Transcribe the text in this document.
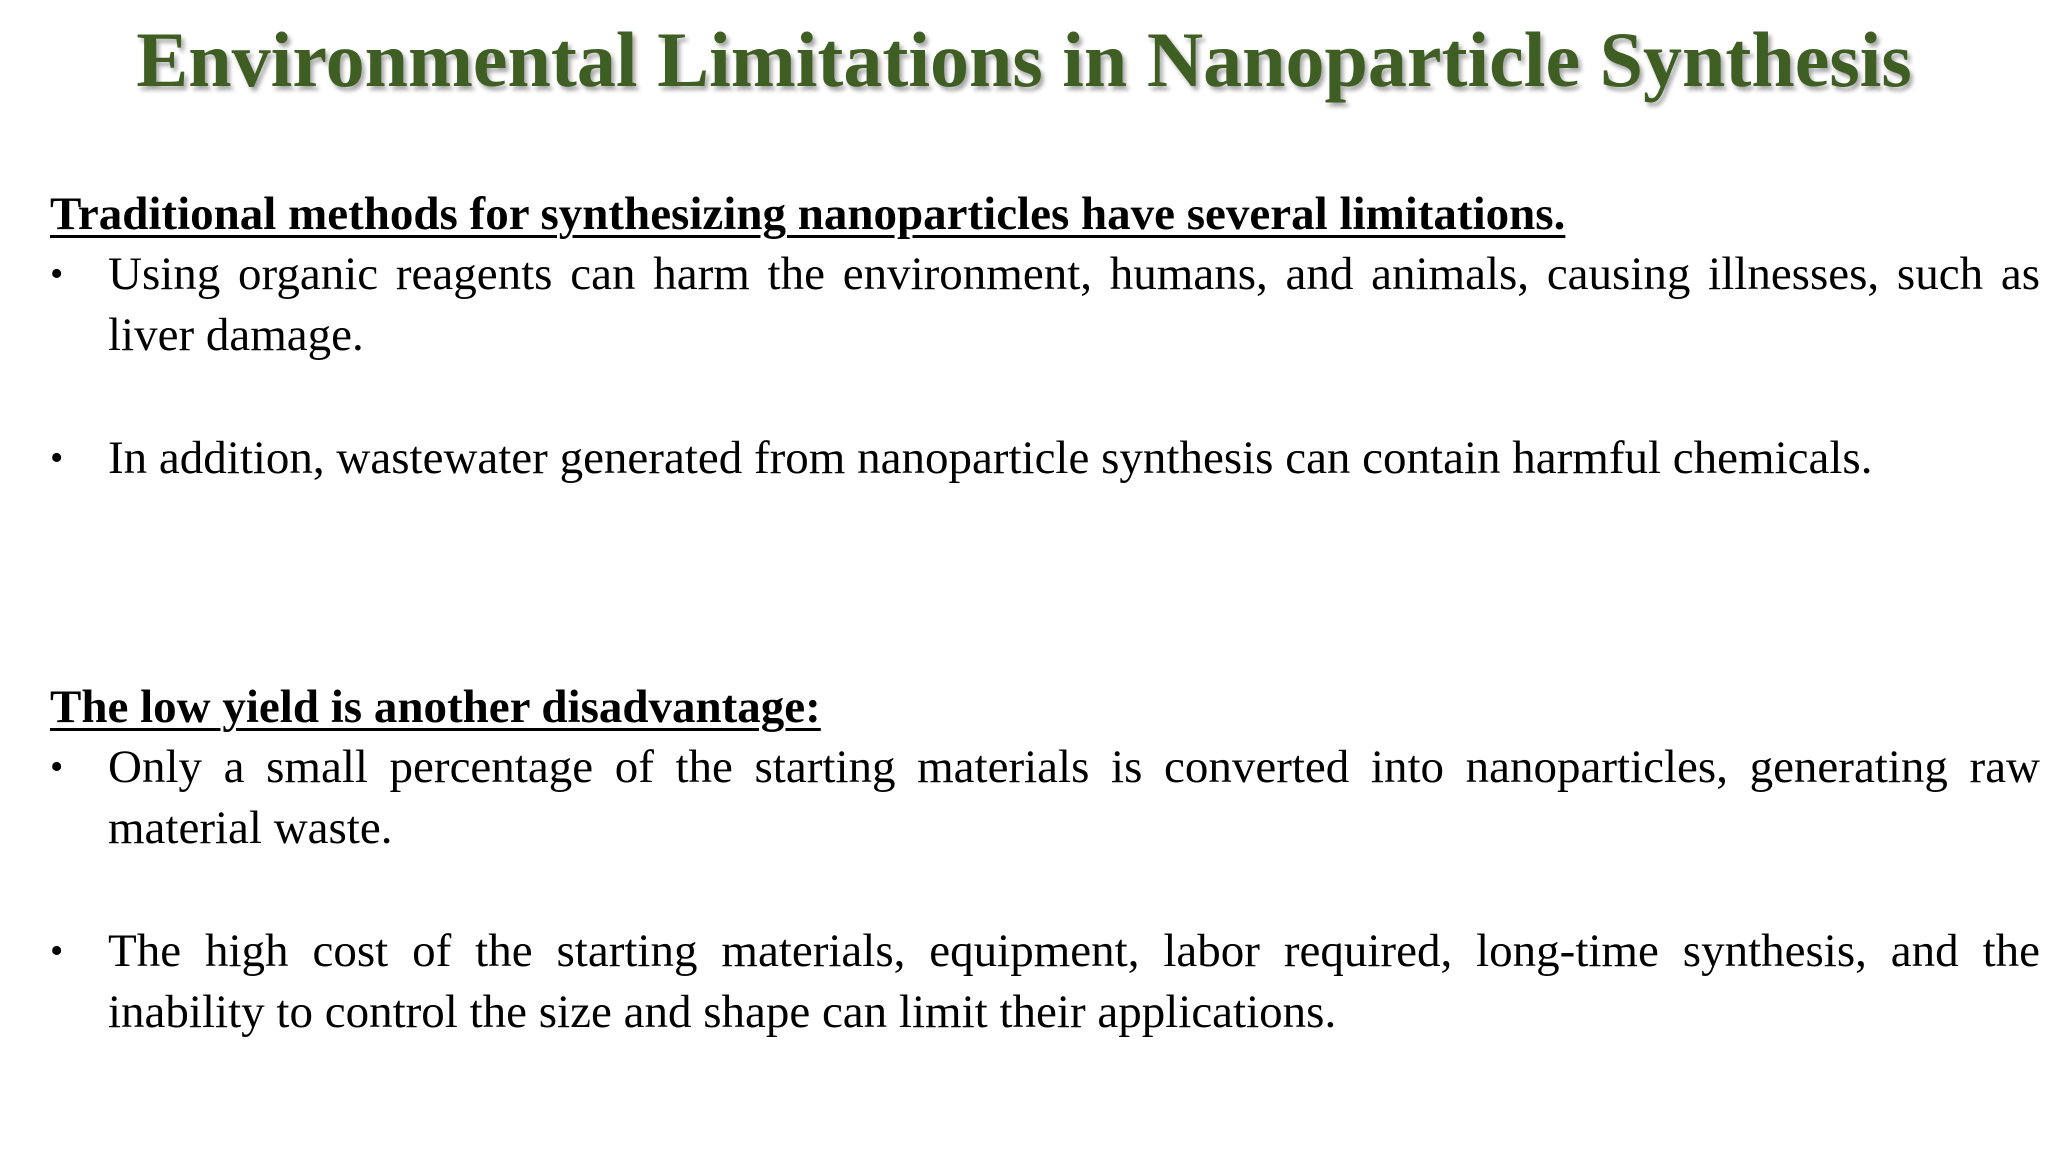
Environmental Limitations in Nanoparticle Synthesis

Traditional methods for synthesizing nanoparticles have several limitations.

• Using organic reagents can harm the environment, humans, and animals, causing illnesses, such as liver damage.
• In addition, wastewater generated from nanoparticle synthesis can contain harmful chemicals.

The low yield is another disadvantage:

• Only a small percentage of the starting materials is converted into nanoparticles, generating raw material waste.
• The high cost of the starting materials, equipment, labor required, long-time synthesis, and the inability to control the size and shape can limit their applications.
